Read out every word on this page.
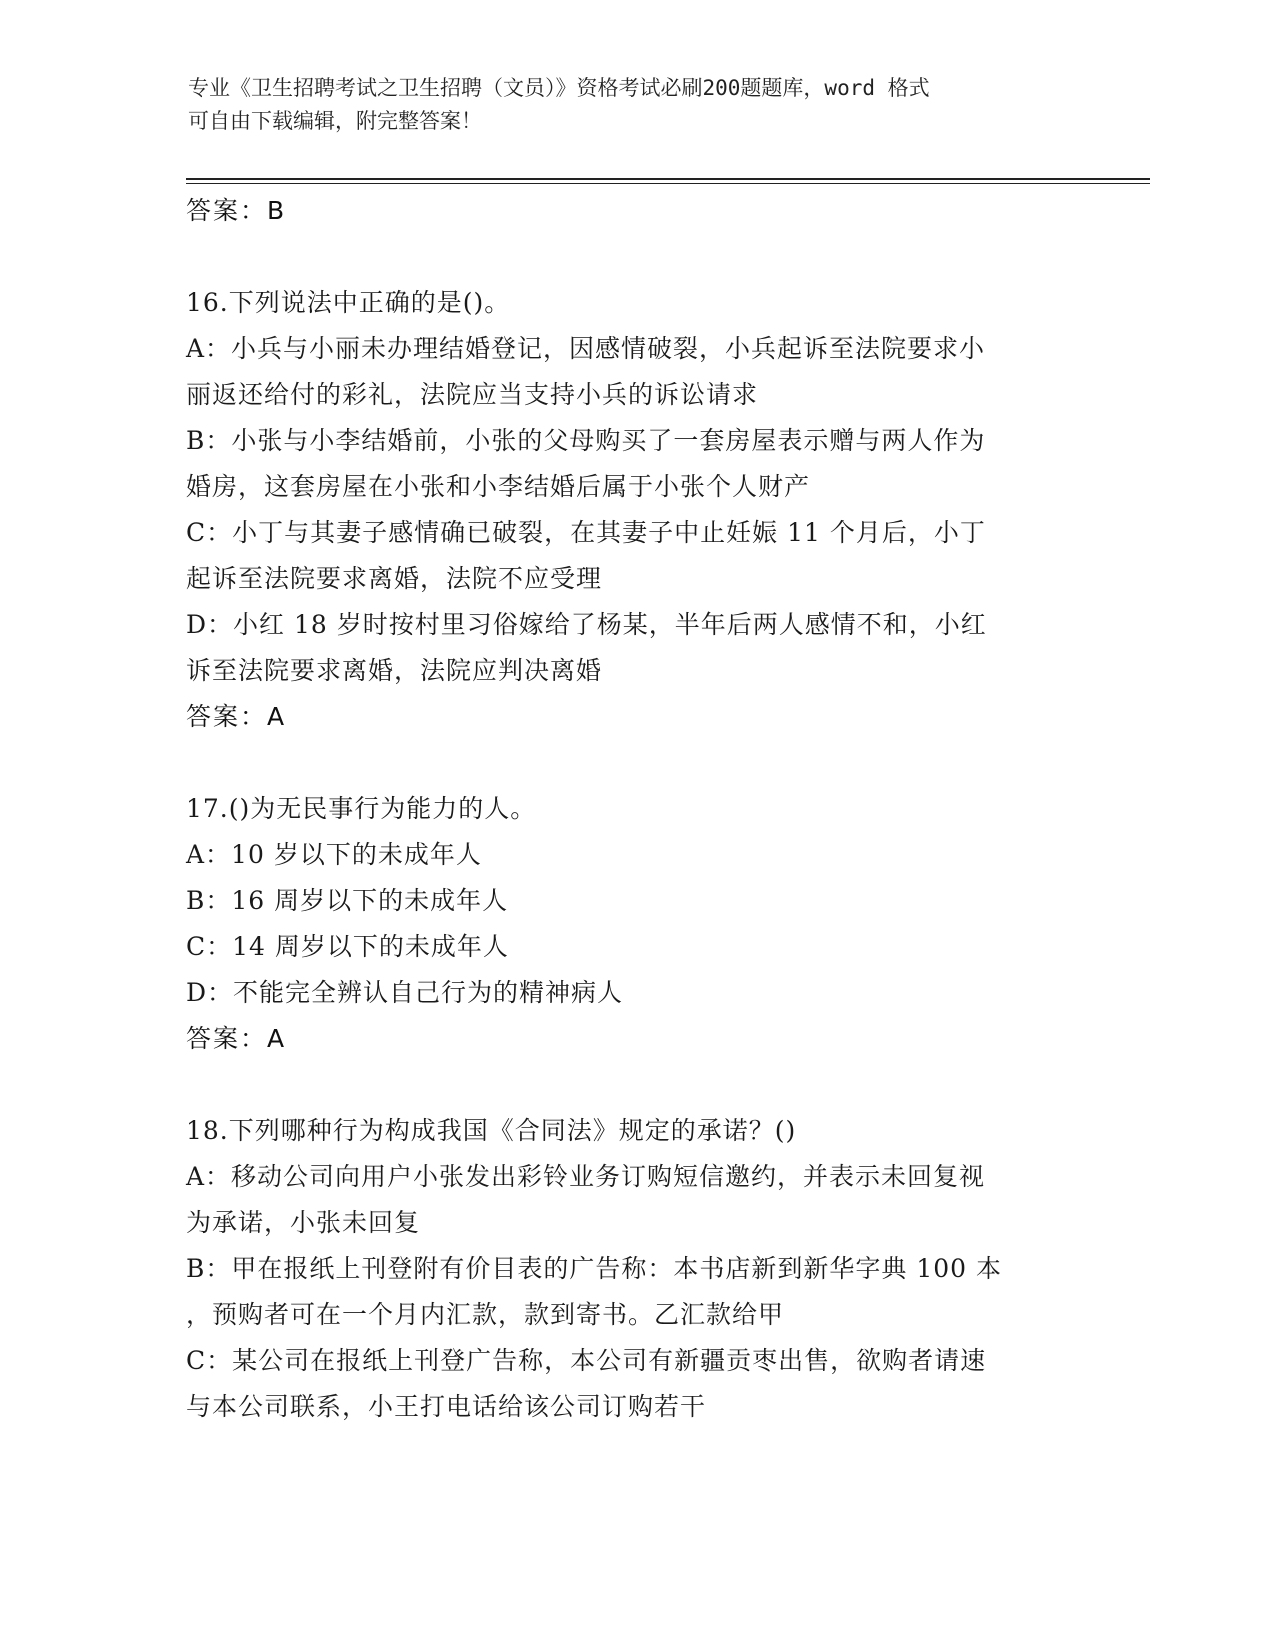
专业《卫生招聘考试之卫生招聘（文员）》资格考试必刷200题题库，word 格式
可自由下载编辑，附完整答案！
答案：B
16.下列说法中正确的是()。
A：小兵与小丽未办理结婚登记，因感情破裂，小兵起诉至法院要求小
丽返还给付的彩礼，法院应当支持小兵的诉讼请求
B：小张与小李结婚前，小张的父母购买了一套房屋表示赠与两人作为
婚房，这套房屋在小张和小李结婚后属于小张个人财产
C：小丁与其妻子感情确已破裂，在其妻子中止妊娠 11 个月后，小丁
起诉至法院要求离婚，法院不应受理
D：小红 18 岁时按村里习俗嫁给了杨某，半年后两人感情不和，小红
诉至法院要求离婚，法院应判决离婚
答案：A
17.()为无民事行为能力的人。
A：10 岁以下的未成年人
B：16 周岁以下的未成年人
C：14 周岁以下的未成年人
D：不能完全辨认自己行为的精神病人
答案：A
18.下列哪种行为构成我国《合同法》规定的承诺？()
A：移动公司向用户小张发出彩铃业务订购短信邀约，并表示未回复视
为承诺，小张未回复
B：甲在报纸上刊登附有价目表的广告称：本书店新到新华字典 100 本
，预购者可在一个月内汇款，款到寄书。乙汇款给甲
C：某公司在报纸上刊登广告称，本公司有新疆贡枣出售，欲购者请速
与本公司联系，小王打电话给该公司订购若干
